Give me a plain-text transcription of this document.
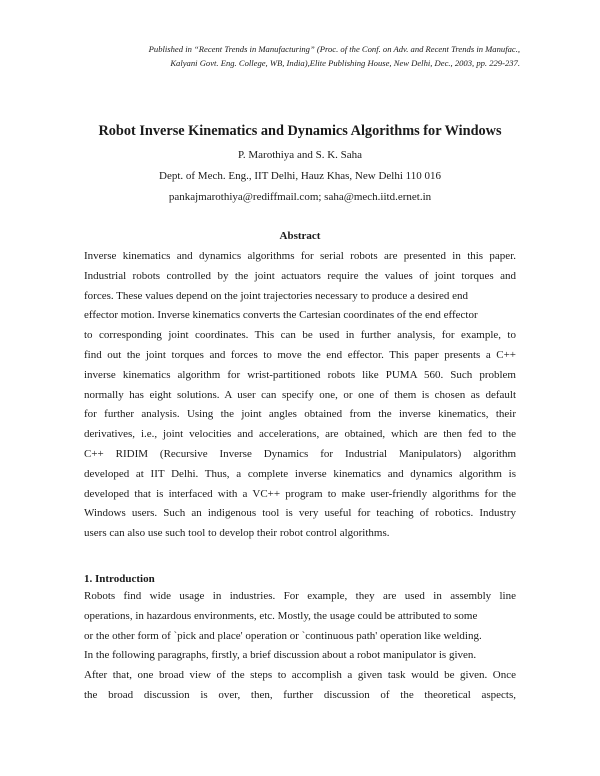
Published in “Recent Trends in Manufacturing” (Proc. of the Conf. on Adv. and Recent Trends in Manufac.,
Kalyani Govt. Eng. College, WB, India),Elite Publishing House, New Delhi, Dec., 2003, pp. 229-237.
Robot Inverse Kinematics and Dynamics Algorithms for Windows
P. Marothiya and S. K. Saha
Dept. of Mech. Eng., IIT Delhi, Hauz Khas, New Delhi 110 016
pankajmarothiya@rediffmail.com; saha@mech.iitd.ernet.in
Abstract
Inverse kinematics and dynamics algorithms for serial robots are presented in this paper.
Industrial robots controlled by the joint actuators require the values of joint torques and
forces. These values depend on the joint trajectories necessary to produce a desired end
effector motion. Inverse kinematics converts the Cartesian coordinates of the end effector
to corresponding joint coordinates. This can be used in further analysis, for example, to
find out the joint torques and forces to move the end effector. This paper presents a C++
inverse kinematics algorithm for wrist-partitioned robots like PUMA 560. Such problem
normally has eight solutions. A user can specify one, or one of them is chosen as default
for further analysis. Using the joint angles obtained from the inverse kinematics, their
derivatives, i.e., joint velocities and accelerations, are obtained, which are then fed to the
C++ RIDIM (Recursive Inverse Dynamics for Industrial Manipulators) algorithm
developed at IIT Delhi. Thus, a complete inverse kinematics and dynamics algorithm is
developed that is interfaced with a VC++ program to make user-friendly algorithms for the
Windows users. Such an indigenous tool is very useful for teaching of robotics. Industry
users can also use such tool to develop their robot control algorithms.
1. Introduction
Robots find wide usage in industries. For example, they are used in assembly line
operations, in hazardous environments, etc. Mostly, the usage could be attributed to some
or the other form of `pick and place' operation or `continuous path' operation like welding.
In the following paragraphs, firstly, a brief discussion about a robot manipulator is given.
After that, one broad view of the steps to accomplish a given task would be given. Once
the broad discussion is over, then, further discussion of the theoretical aspects,
